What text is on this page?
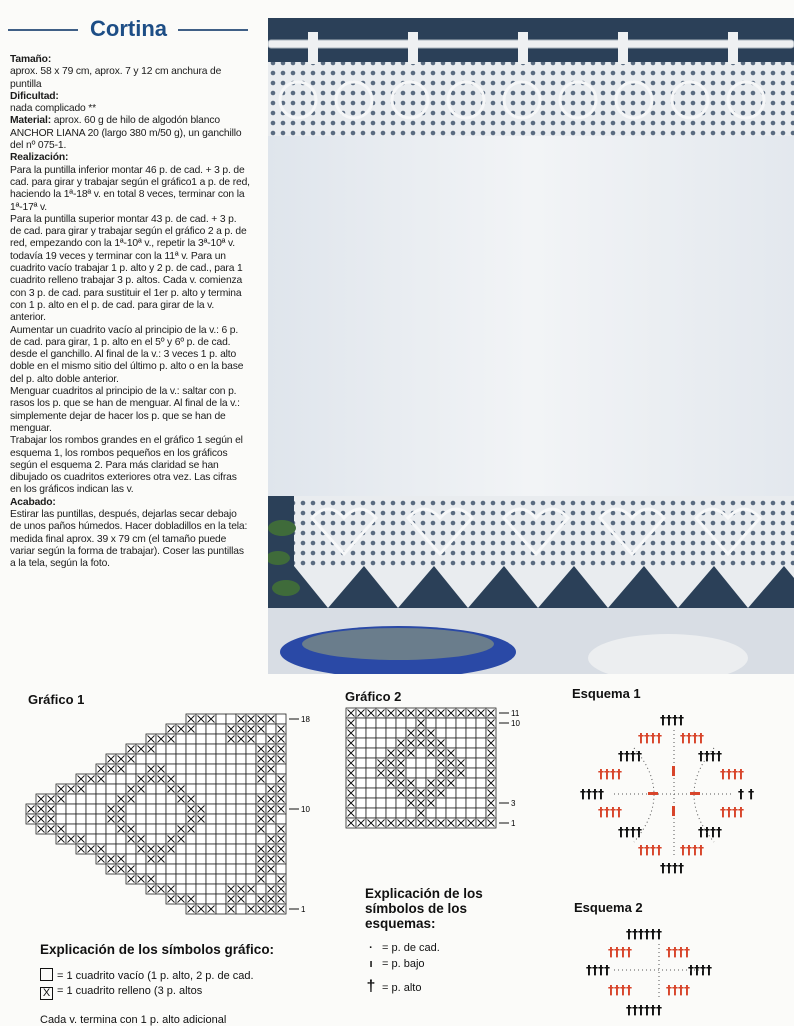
Cortina

Tamaño:

aprox. 58 x 79 cm, aprox. 7 y 12 cm anchura de puntilla

Dificultad:

nada complicado **

Material: aprox. 60 g de hilo de algodón blanco ANCHOR LIANA 20 (largo 380 m/50 g), un ganchillo del nº 075-1.

Realización:

Para la puntilla inferior montar 46 p. de cad. + 3 p. de cad. para girar y trabajar según el gráfico1 a p. de red, haciendo la 1ª-18ª v. en total 8 veces, terminar con la 1ª-17ª v.

Para la puntilla superior montar 43 p. de cad. + 3 p. de cad. para girar y trabajar según el gráfico 2 a p. de red, empezando con la 1ª-10ª v., repetir la 3ª-10ª v. todavía 19 veces y terminar con la 11ª v. Para un cuadrito vacío trabajar 1 p. alto y 2 p. de cad., para 1 cuadrito relleno trabajar 3 p. altos. Cada v. comienza con 3 p. de cad. para sustituir el 1er p. alto y termina con 1 p. alto en el p. de cad. para girar de la v. anterior.

Aumentar un cuadrito vacío al principio de la v.: 6 p. de cad. para girar, 1 p. alto en el 5º y 6º p. de cad. desde el ganchillo. Al final de la v.: 3 veces 1 p. alto doble en el mismo sitio del último p. alto o en la base del p. alto doble anterior.

Menguar cuadritos al principio de la v.: saltar con p. rasos los p. que se han de menguar. Al final de la v.: simplemente dejar de hacer los p. que se han de menguar.

Trabajar los rombos grandes en el gráfico 1 según el esquema 1, los rombos pequeños en los gráficos según el esquema 2. Para más claridad se han dibujado os cuadritos exteriores otra vez. Las cifras en los gráficos indican las v.

Acabado:

Estirar las puntillas, después, dejarlas secar debajo de unos paños húmedos. Hacer dobladillos en la tela: medida final aprox. 39 x 79 cm (el tamaño puede variar según la forma de trabajar). Coser las puntillas a la tela, según la foto.

Gráfico 1
18
10
1
Gráfico 2
11
10
3
1
Esquema 1
††††
††††	††††
††††	† †
††††	††††
††††
†††† ††††
††††	††††
††††	††††
†††† ††††
Esquema 2
††††††
††††	††††
††††††
††††	††††
††††	††††
Explicación de los símbolos gráfico:
= 1 cuadrito vacío (1 p. alto, 2 p. de cad.
X = 1 cuadrito relleno (3 p. altos
Explicación de los
símbolos de los
esquemas:
· = p. de cad.
ı = p. bajo
† = p. alto
Cada v. termina con 1 p. alto adicional
